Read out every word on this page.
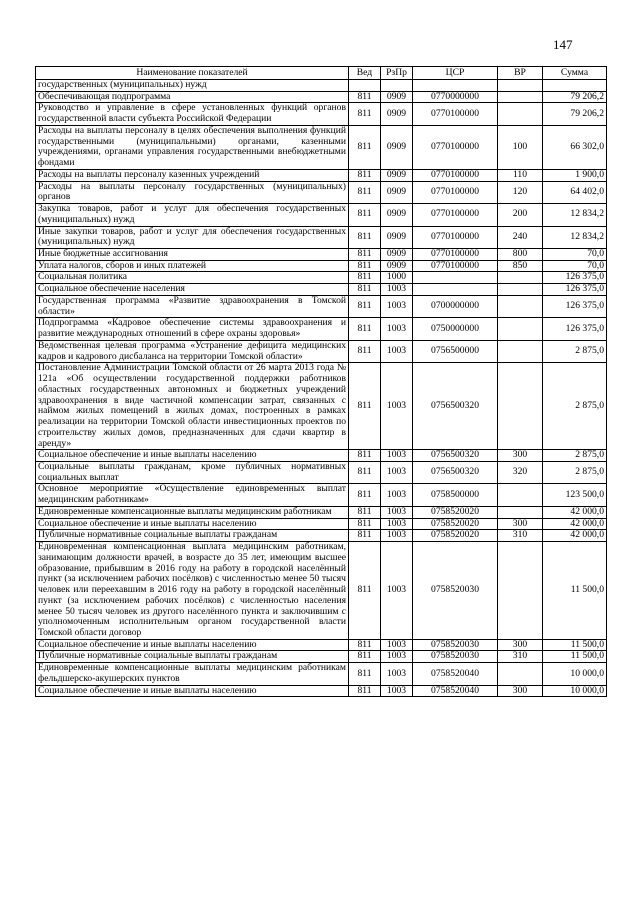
147
Наименование показателей	Вед	РзПр	ЦСР	ВР	Сумма
государственных (муниципальных) нужд					
Обеспечивающая подпрограмма	811	0909	0770000000		79 206,2
Руководство и управление в сфере установленных функций органов государственной власти субъекта Российской Федерации	811	0909	0770100000		79 206,2
Расходы на выплаты персоналу в целях обеспечения выполнения функций государственными (муниципальными) органами, казенными учреждениями, органами управления государственными внебюджетными фондами	811	0909	0770100000	100	66 302,0
Расходы на выплаты персоналу казенных учреждений	811	0909	0770100000	110	1 900,0
Расходы на выплаты персоналу государственных (муниципальных) органов	811	0909	0770100000	120	64 402,0
Закупка товаров, работ и услуг для обеспечения государственных (муниципальных) нужд	811	0909	0770100000	200	12 834,2
Иные закупки товаров, работ и услуг для обеспечения государственных (муниципальных) нужд	811	0909	0770100000	240	12 834,2
Иные бюджетные ассигнования	811	0909	0770100000	800	70,0
Уплата налогов, сборов и иных платежей	811	0909	0770100000	850	70,0
Социальная политика	811	1000			126 375,0
Социальное обеспечение населения	811	1003			126 375,0
Государственная программа «Развитие здравоохранения в Томской области»	811	1003	0700000000		126 375,0
Подпрограмма «Кадровое обеспечение системы здравоохранения и развитие международных отношений в сфере охраны здоровья»	811	1003	0750000000		126 375,0
Ведомственная целевая программа «Устранение дефицита медицинских кадров и кадрового дисбаланса на территории Томской области»	811	1003	0756500000		2 875,0
Постановление Администрации Томской области от 26 марта 2013 года № 121а «Об осуществлении государственной поддержки работников областных государственных автономных и бюджетных учреждений здравоохранения в виде частичной компенсации затрат, связанных с наймом жилых помещений в жилых домах, построенных в рамках реализации на территории Томской области инвестиционных проектов по строительству жилых домов, предназначенных для сдачи квартир в аренду»	811	1003	0756500320		2 875,0
Социальное обеспечение и иные выплаты населению	811	1003	0756500320	300	2 875,0
Социальные выплаты гражданам, кроме публичных нормативных социальных выплат	811	1003	0756500320	320	2 875,0
Основное мероприятие «Осуществление единовременных выплат медицинским работникам»	811	1003	0758500000		123 500,0
Единовременные компенсационные выплаты медицинским работникам	811	1003	0758520020		42 000,0
Социальное обеспечение и иные выплаты населению	811	1003	0758520020	300	42 000,0
Публичные нормативные социальные выплаты гражданам	811	1003	0758520020	310	42 000,0
Единовременная компенсационная выплата медицинским работникам, занимающим должности врачей, в возрасте до 35 лет, имеющим высшее образование, прибывшим в 2016 году на работу в городской населённый пункт (за исключением рабочих посёлков) с численностью менее 50 тысяч человек или переехавшим в 2016 году на работу в городской населённый пункт (за исключением рабочих посёлков) с численностью населения менее 50 тысяч человек из другого населённого пункта и заключившим с уполномоченным исполнительным органом государственной власти Томской области договор	811	1003	0758520030		11 500,0
Социальное обеспечение и иные выплаты населению	811	1003	0758520030	300	11 500,0
Публичные нормативные социальные выплаты гражданам	811	1003	0758520030	310	11 500,0
Единовременные компенсационные выплаты медицинским работникам фельдшерско-акушерских пунктов	811	1003	0758520040		10 000,0
Социальное обеспечение и иные выплаты населению	811	1003	0758520040	300	10 000,0
